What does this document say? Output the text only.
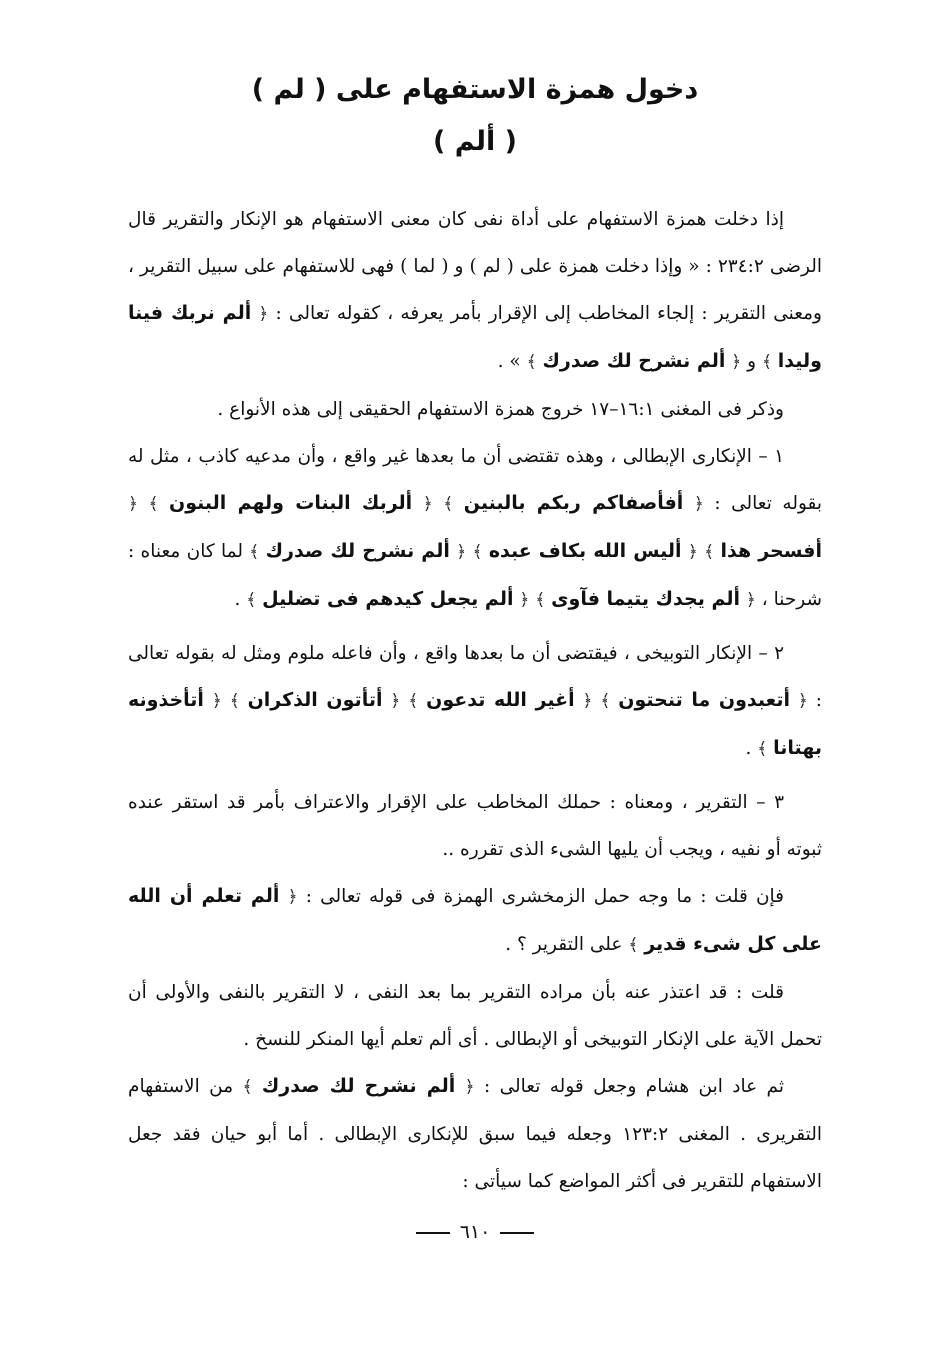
دخول همزة الاستفهام على ( لم )
( ألم )

إذا دخلت همزة الاستفهام على أداة نفى كان معنى الاستفهام هو الإنكار والتقرير قال الرضى ٢٣٤:٢ : « وإذا دخلت همزة على ( لم ) و ( لما ) فهى للاستفهام على سبيل التقرير ، ومعنى التقرير : إلجاء المخاطب إلى الإقرار بأمر يعرفه ، كقوله تعالى : ﴿ ألم نربك فينا وليدا ﴾ و ﴿ ألم نشرح لك صدرك ﴾ » .

وذكر فى المغنى ١٦:١–١٧ خروج همزة الاستفهام الحقيقى إلى هذه الأنواع .

١ – الإنكارى الإبطالى ، وهذه تقتضى أن ما بعدها غير واقع ، وأن مدعيه كاذب ، مثل له بقوله تعالى : ﴿ أفأصفاكم ربكم بالبنين ﴾ ﴿ ألربك البنات ولهم البنون ﴾ ﴿ أفسحر هذا ﴾ ﴿ أليس الله بكاف عبده ﴾ ﴿ ألم نشرح لك صدرك ﴾ لما كان معناه : شرحنا ، ﴿ ألم يجدك يتيما فآوى ﴾ ﴿ ألم يجعل كيدهم فى تضليل ﴾ .

٢ – الإنكار التوبيخى ، فيقتضى أن ما بعدها واقع ، وأن فاعله ملوم ومثل له بقوله تعالى : ﴿ أتعبدون ما تنحتون ﴾ ﴿ أغير الله تدعون ﴾ ﴿ أتأتون الذكران ﴾ ﴿ أتأخذونه بهتانا ﴾ .

٣ – التقرير ، ومعناه : حملك المخاطب على الإقرار والاعتراف بأمر قد استقر عنده ثبوته أو نفيه ، ويجب أن يليها الشىء الذى تقرره ..

فإن قلت : ما وجه حمل الزمخشرى الهمزة فى قوله تعالى : ﴿ ألم تعلم أن الله على كل شىء قدير ﴾ على التقرير ؟ .

قلت : قد اعتذر عنه بأن مراده التقرير بما بعد النفى ، لا التقرير بالنفى والأولى أن تحمل الآية على الإنكار التوبيخى أو الإبطالى . أى ألم تعلم أيها المنكر للنسخ .

ثم عاد ابن هشام وجعل قوله تعالى : ﴿ ألم نشرح لك صدرك ﴾ من الاستفهام التقريرى . المغنى ١٢٣:٢ وجعله فيما سبق للإنكارى الإبطالى . أما أبو حيان فقد جعل الاستفهام للتقرير فى أكثر المواضع كما سيأتى :

٦١٠
